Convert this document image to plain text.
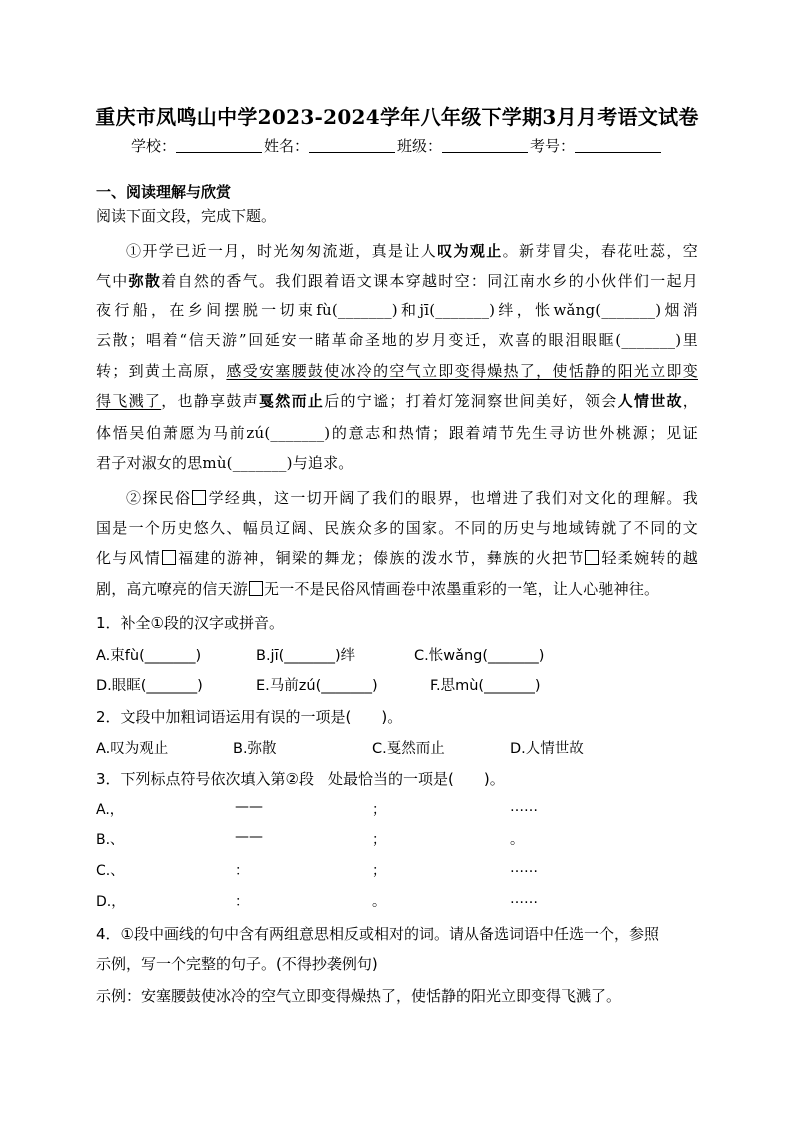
重庆市凤鸣山中学2023-2024学年八年级下学期3月月考语文试卷
学校：	姓名：	班级：	考号：
一、阅读理解与欣赏
阅读下面文段，完成下题。
①开学已近一月，时光匆匆流逝，真是让人叹为观止。新芽冒尖，春花吐蕊，空
气中弥散着自然的香气。我们跟着语文课本穿越时空：同江南水乡的小伙伴们一起月
夜行船，在乡间摆脱一切束fù(_______)和jī(_______)绊，怅wǎng(_______)烟消
云散；唱着“信天游”回延安一睹革命圣地的岁月变迁，欢喜的眼泪眼眶(_______)里
转；到黄土高原，感受安塞腰鼓使冰冷的空气立即变得燥热了，使恬静的阳光立即变
得飞溅了，也静享鼓声戛然而止后的宁谧；打着灯笼洞察世间美好，领会人情世故，
体悟吴伯萧愿为马前zú(_______)的意志和热情；跟着靖节先生寻访世外桃源；见证
君子对淑女的思mù(_______)与追求。
②探民俗 学经典，这一切开阔了我们的眼界，也增进了我们对文化的理解。我
国是一个历史悠久、幅员辽阔、民族众多的国家。不同的历史与地域铸就了不同的文
化与风情 福建的游神，铜梁的舞龙；傣族的泼水节，彝族的火把节 轻柔婉转的越
剧，高亢嘹亮的信天游 无一不是民俗风情画卷中浓墨重彩的一笔，让人心驰神往。
1．补全①段的汉字或拼音。
A.束fù(_______)	B.jī(_______)绊	C.怅wǎng(_______)
D.眼眶(_______)	E.马前zú(_______)	F.思mù(_______)
2．文段中加粗词语运用有误的一项是(　　)。
A.叹为观止	B.弥散	C.戛然而止	D.人情世故
3．下列标点符号依次填入第②段 处最恰当的一项是(　　)。
A.，	——	；	……
B.、	——	；	。
C.、	：	；	……
D.，	：	。	……
4．①段中画线的句中含有两组意思相反或相对的词。请从备选词语中任选一个，参照
示例，写一个完整的句子。(不得抄袭例句)
示例：安塞腰鼓使冰冷的空气立即变得燥热了，使恬静的阳光立即变得飞溅了。
